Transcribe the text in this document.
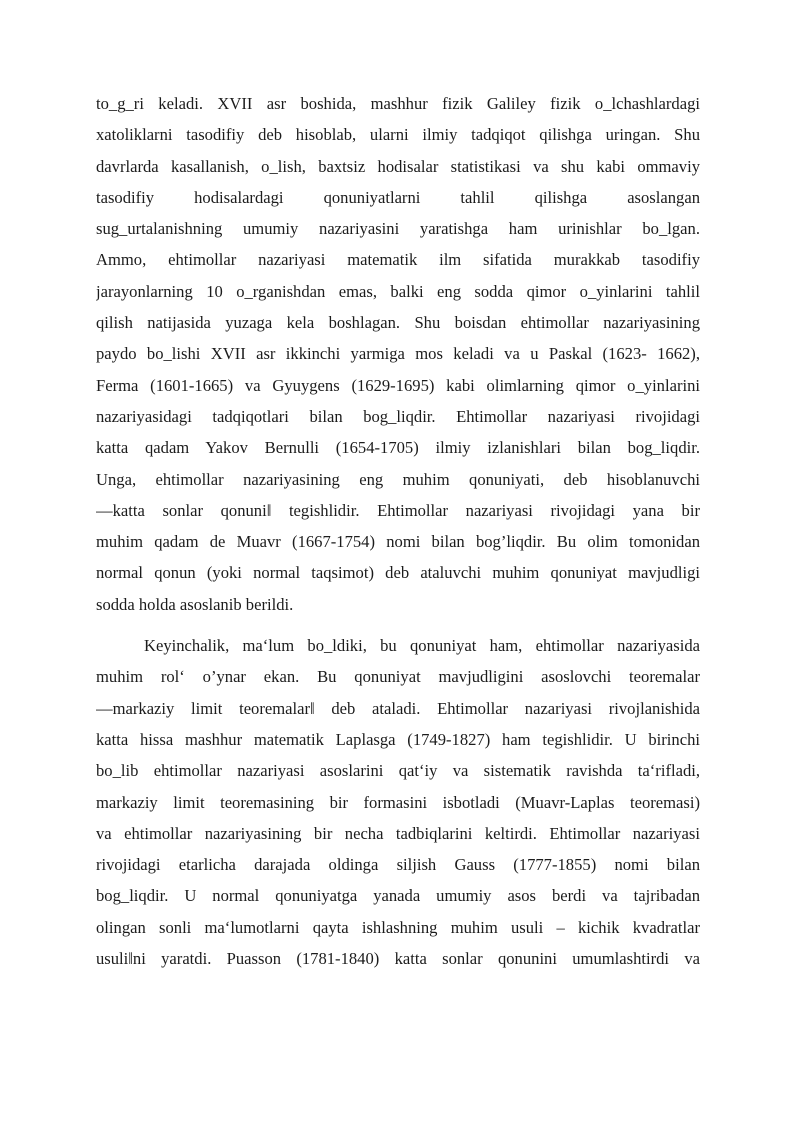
to_g_ri keladi. XVII asr boshida, mashhur fizik Galiley fizik o_lchashlardagi
xatoliklarni tasodifiy deb hisoblab, ularni ilmiy tadqiqot qilishga uringan. Shu
davrlarda kasallanish, o_lish, baxtsiz hodisalar statistikasi va shu kabi ommaviy
tasodifiy hodisalardagi qonuniyatlarni tahlil qilishga asoslangan
sug_urtalanishning umumiy nazariyasini yaratishga ham urinishlar bo_lgan.
Ammo, ehtimollar nazariyasi matematik ilm sifatida murakkab tasodifiy
jarayonlarning 10 o_rganishdan emas, balki eng sodda qimor o_yinlarini tahlil
qilish natijasida yuzaga kela boshlagan. Shu boisdan ehtimollar nazariyasining
paydo bo_lishi XVII asr ikkinchi yarmiga mos keladi va u Paskal (1623- 1662),
Ferma (1601-1665) va Gyuygens (1629-1695) kabi olimlarning qimor o_yinlarini
nazariyasidagi tadqiqotlari bilan bog_liqdir. Ehtimollar nazariyasi rivojidagi
katta qadam Yakov Bernulli (1654-1705) ilmiy izlanishlari bilan bog_liqdir.
Unga, ehtimollar nazariyasining eng muhim qonuniyati, deb hisoblanuvchi
―katta sonlar qonuni‖ tegishlidir. Ehtimollar nazariyasi rivojidagi yana bir
muhim qadam de Muavr (1667-1754) nomi bilan bog’liqdir. Bu olim tomonidan
normal qonun (yoki normal taqsimot) deb ataluvchi muhim qonuniyat mavjudligi
sodda holda asoslanib berildi.
Keyinchalik, ma‘lum bo_ldiki, bu qonuniyat ham, ehtimollar nazariyasida
muhim rol‘ o’ynar ekan. Bu qonuniyat mavjudligini asoslovchi teoremalar
―markaziy limit teoremalar‖ deb ataladi. Ehtimollar nazariyasi rivojlanishida
katta hissa mashhur matematik Laplasga (1749-1827) ham tegishlidir. U birinchi
bo_lib ehtimollar nazariyasi asoslarini qat‘iy va sistematik ravishda ta‘rifladi,
markaziy limit teoremasining bir formasini isbotladi (Muavr-Laplas teoremasi)
va ehtimollar nazariyasining bir necha tadbiqlarini keltirdi. Ehtimollar nazariyasi
rivojidagi etarlicha darajada oldinga siljish Gauss (1777-1855) nomi bilan
bog_liqdir. U normal qonuniyatga yanada umumiy asos berdi va tajribadan
olingan sonli ma‘lumotlarni qayta ishlashning muhim usuli – kichik kvadratlar
usuli‖ni yaratdi. Puasson (1781-1840) katta sonlar qonunini umumlashtirdi va
